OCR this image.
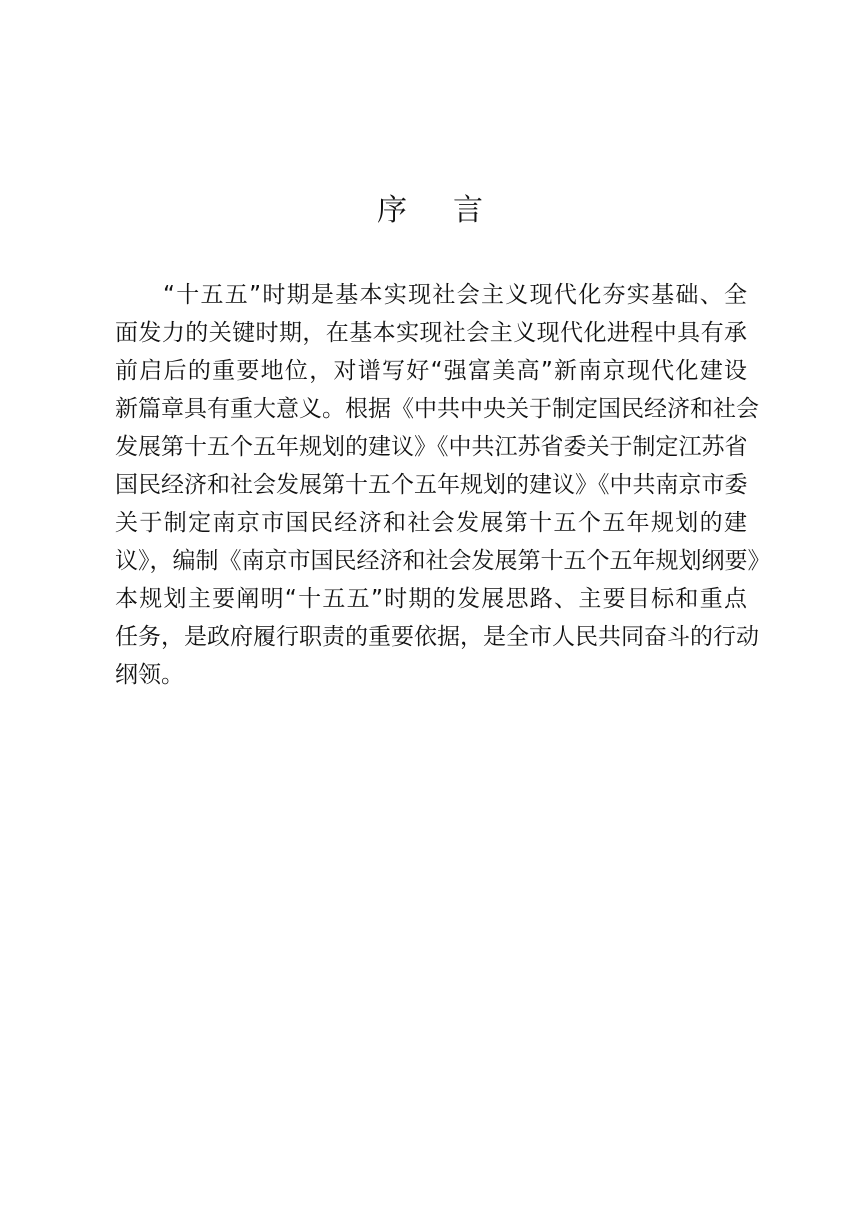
序 言
“十五五”时期是基本实现社会主义现代化夯实基础、全
面发力的关键时期，在基本实现社会主义现代化进程中具有承
前启后的重要地位，对谱写好“强富美高”新南京现代化建设
新篇章具有重大意义。根据《中共中央关于制定国民经济和社会
发展第十五个五年规划的建议》《中共江苏省委关于制定江苏省
国民经济和社会发展第十五个五年规划的建议》《中共南京市委
关于制定南京市国民经济和社会发展第十五个五年规划的建
议》，编制《南京市国民经济和社会发展第十五个五年规划纲要》
本规划主要阐明“十五五”时期的发展思路、主要目标和重点
任务，是政府履行职责的重要依据，是全市人民共同奋斗的行动
纲领。
